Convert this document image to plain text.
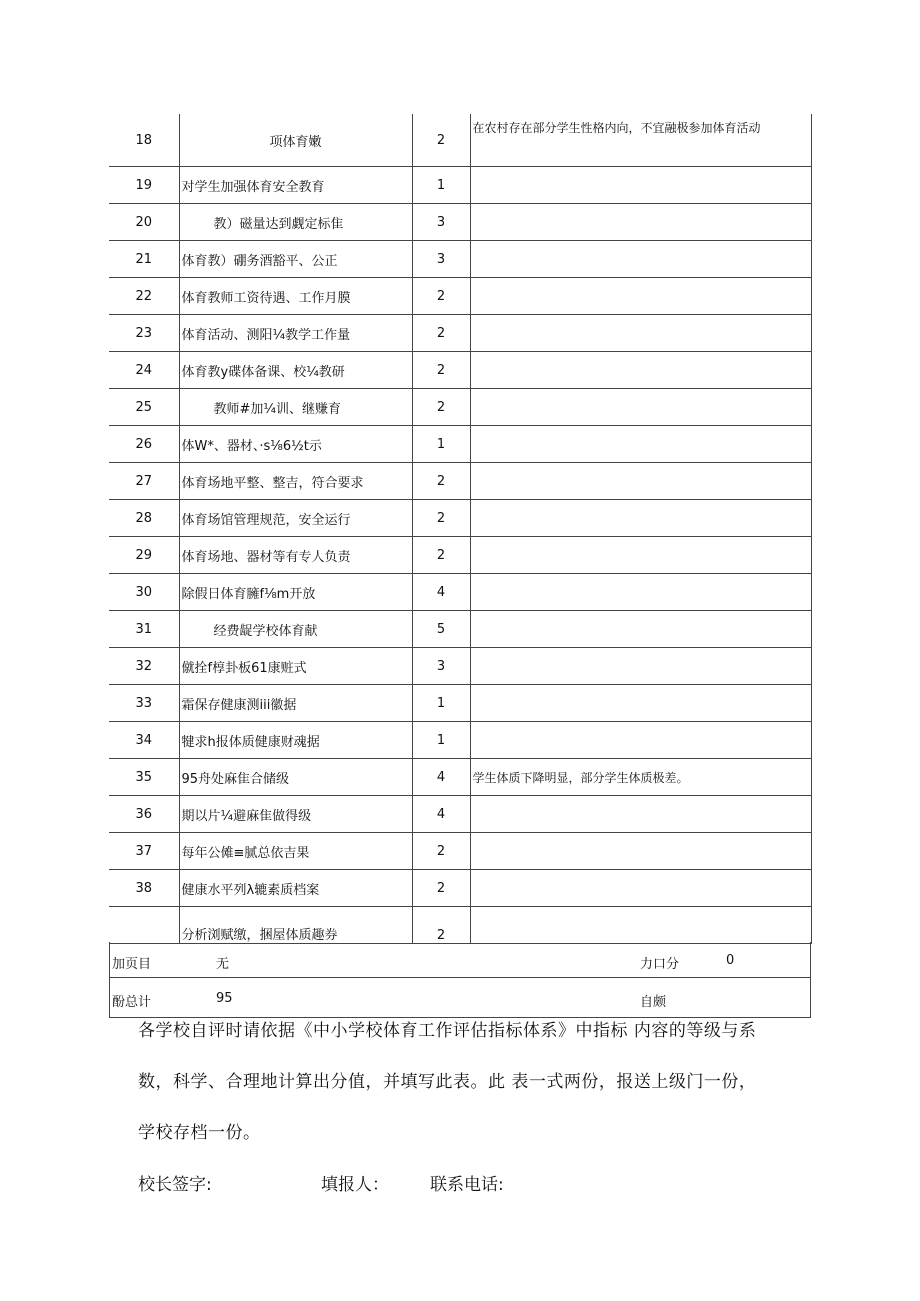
18	项体育嫩	2	在农村存在部分学生性格内向，不宜融极参加体育活动
19	对学生加强体育安全教育	1	
20	教）磁量达到觑定标隹	3	
21	体育教）硼务酒豁平、公正	3	
22	体育教师工资待遇、工作月膜	2	
23	体育活动、测阳¼教学工作量	2	
24	体育教y碟体备课、校¼教研	2	
25	教师#加¼训、继赚育	2	
26	体W*、器材、·s⅛6½t示	1	
27	体育场地平整、整吉，符合要求	2	
28	体育场馆管理规范，安全运行	2	
29	体育场地、器材等有专人负责	2	
30	除假日体育臃f⅛m开放	4	
31	经费龊学校体育献	5	
32	僦拴f椁卦板61康赃式	3	
33	霜保存健康测iii徽据	1	
34	犍求h报体质健康财魂据	1	
35	95舟处麻隹合储级	4	学生体质下降明显，部分学生体质极差。
36	期以片¼避麻隹做得级	4	
37	每年公傩≡腻总依吉果	2	
38	健康水平列λ辘素质档案	2	
	分析浏赋缴，捆屋体质趣券	2	
加页目	无	力口分	0
酚总计	95	自颇
各学校自评时请依据《中小学校体育工作评估指标体系》中指标 内容的等级与系
数，科学、合理地计算出分值，并填写此表。此 表一式两份，报送上级门一份，
学校存档一份。
校长签字:	填报人： 联系电话:
